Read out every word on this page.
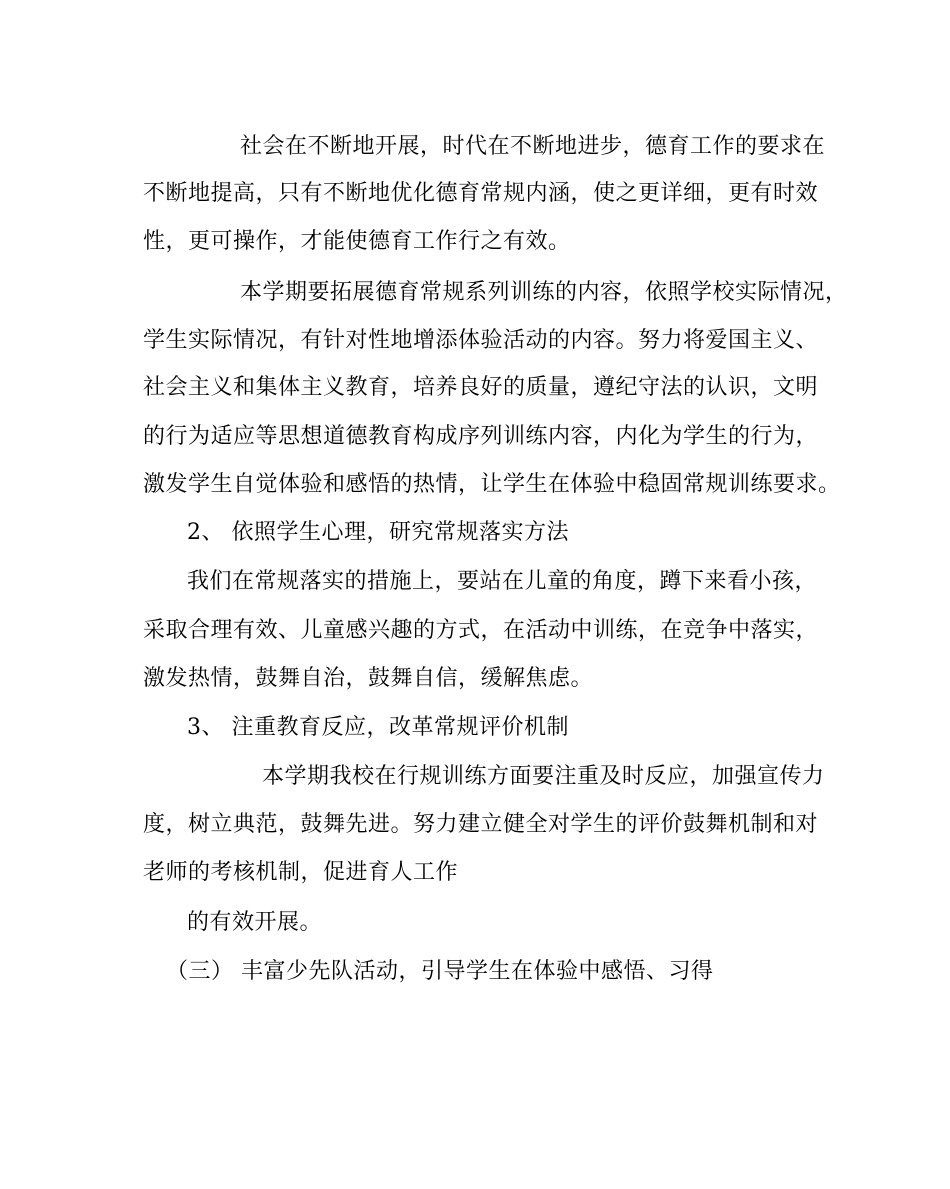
社会在不断地开展，时代在不断地进步，德育工作的要求在
不断地提高，只有不断地优化德育常规内涵，使之更详细，更有时效
性，更可操作，才能使德育工作行之有效。
本学期要拓展德育常规系列训练的内容，依照学校实际情况，
学生实际情况，有针对性地增添体验活动的内容。努力将爱国主义、
社会主义和集体主义教育，培养良好的质量，遵纪守法的认识，文明
的行为适应等思想道德教育构成序列训练内容，内化为学生的行为，
激发学生自觉体验和感悟的热情，让学生在体验中稳固常规训练要求。
2、 依照学生心理，研究常规落实方法
我们在常规落实的措施上，要站在儿童的角度，蹲下来看小孩，
采取合理有效、儿童感兴趣的方式，在活动中训练，在竞争中落实，
激发热情，鼓舞自治，鼓舞自信，缓解焦虑。
3、 注重教育反应，改革常规评价机制
本学期我校在行规训练方面要注重及时反应，加强宣传力
度，树立典范，鼓舞先进。努力建立健全对学生的评价鼓舞机制和对
老师的考核机制，促进育人工作
的有效开展。
（三） 丰富少先队活动，引导学生在体验中感悟、习得
